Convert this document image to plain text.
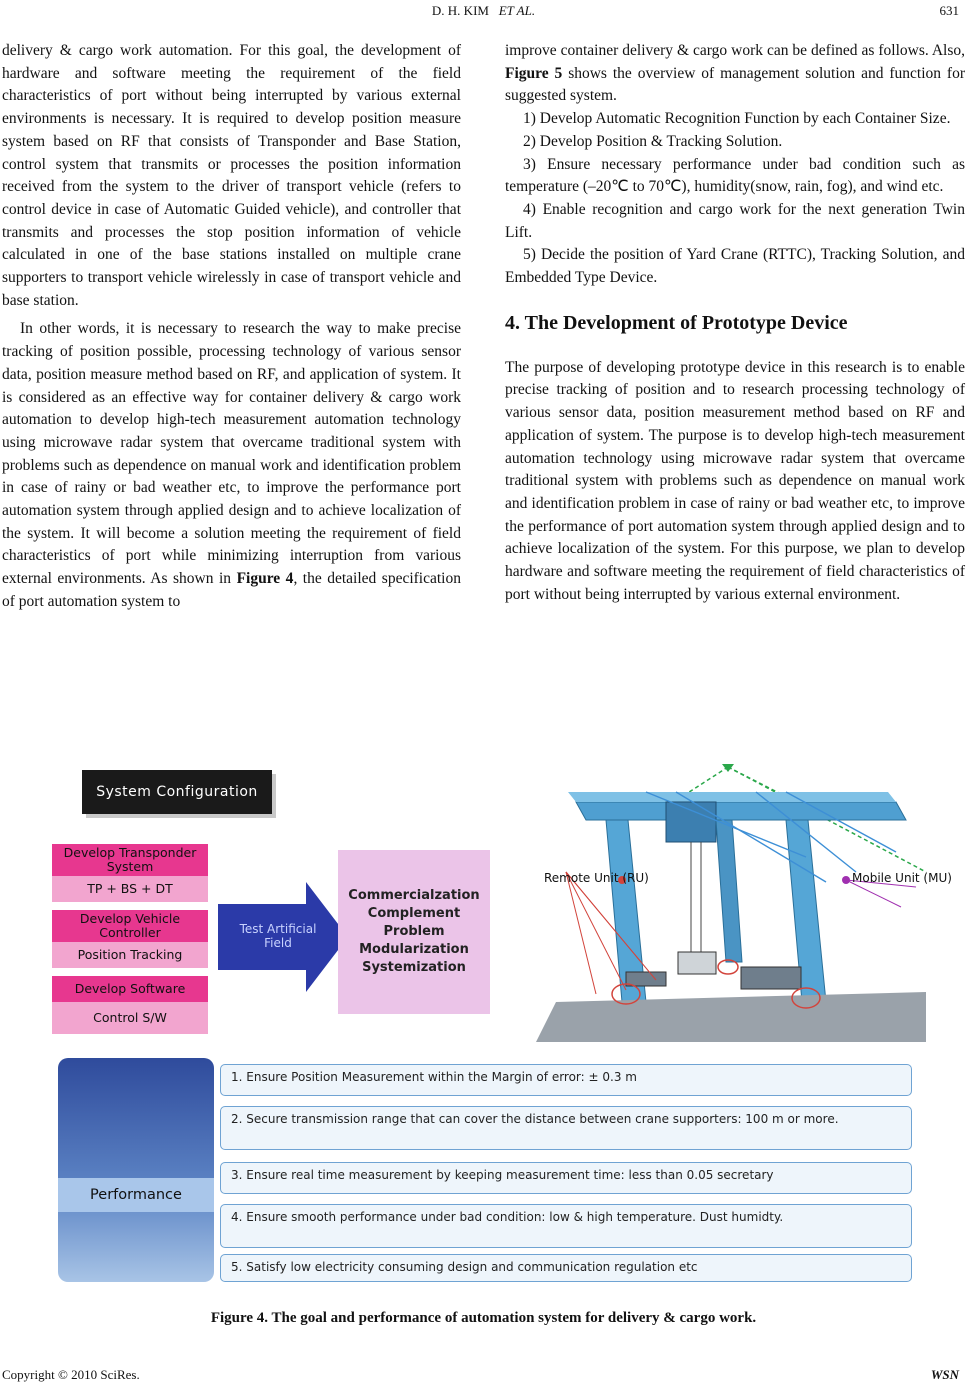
D. H. KIM ET AL.	631

delivery & cargo work automation. For this goal, the development of hardware and software meeting the requirement of the field characteristics of port without being interrupted by various external environments is necessary. It is required to develop position measure system based on RF that consists of Transponder and Base Station, control system that transmits or processes the position information received from the system to the driver of transport vehicle (refers to control device in case of Automatic Guided vehicle), and controller that transmits and processes the stop position information of vehicle calculated in one of the base stations installed on multiple crane supporters to transport vehicle wirelessly in case of transport vehicle and base station.

In other words, it is necessary to research the way to make precise tracking of position possible, processing technology of various sensor data, position measure method based on RF, and application of system. It is considered as an effective way for container delivery & cargo work automation to develop high-tech measurement automation technology using microwave radar system that overcame traditional system with problems such as dependence on manual work and identification problem in case of rainy or bad weather etc, to improve the performance port automation system through applied design and to achieve localization of the system. It will become a solution meeting the requirement of field characteristics of port while minimizing interruption from various external environments. As shown in Figure 4, the detailed specification of port automation system to

improve container delivery & cargo work can be defined as follows. Also, Figure 5 shows the overview of management solution and function for suggested system.

1) Develop Automatic Recognition Function by each Container Size.

2) Develop Position & Tracking Solution.

3) Ensure necessary performance under bad condition such as temperature (–20℃ to 70℃), humidity(snow, rain, fog), and wind etc.

4) Enable recognition and cargo work for the next generation Twin Lift.

5) Decide the position of Yard Crane (RTTC), Tracking Solution, and Embedded Type Device.

4. The Development of Prototype Device

The purpose of developing prototype device in this research is to enable precise tracking of position and to research processing technology of various sensor data, position measurement method based on RF and application of system. The purpose is to develop high-tech measurement automation technology using microwave radar system that overcame traditional system with problems such as dependence on manual work and identification problem in case of rainy or bad weather etc, to improve the performance of port automation system through applied design and to achieve localization of the system. For this purpose, we plan to develop hardware and software meeting the requirement of field characteristics of port without being interrupted by various external environment.

System Configuration
Develop Transponder System
TP + BS + DT
Develop Vehicle Controller
Position Tracking
Develop Software
Control S/W
Test Artificial Field
Commercialzation
Complement
Problem
Modularization
Systemization
Remote Unit (RU)	Mobile Unit (MU)
Performance
1. Ensure Position Measurement within the Margin of error: ± 0.3 m
2. Secure transmission range that can cover the distance between crane supporters: 100 m or more.
3. Ensure real time measurement by keeping measurement time: less than 0.05 secretary
4. Ensure smooth performance under bad condition: low & high temperature. Dust humidty.
5. Satisfy low electricity consuming design and communication regulation etc
Figure 4. The goal and performance of automation system for delivery & cargo work.
Copyright © 2010 SciRes.	WSN
